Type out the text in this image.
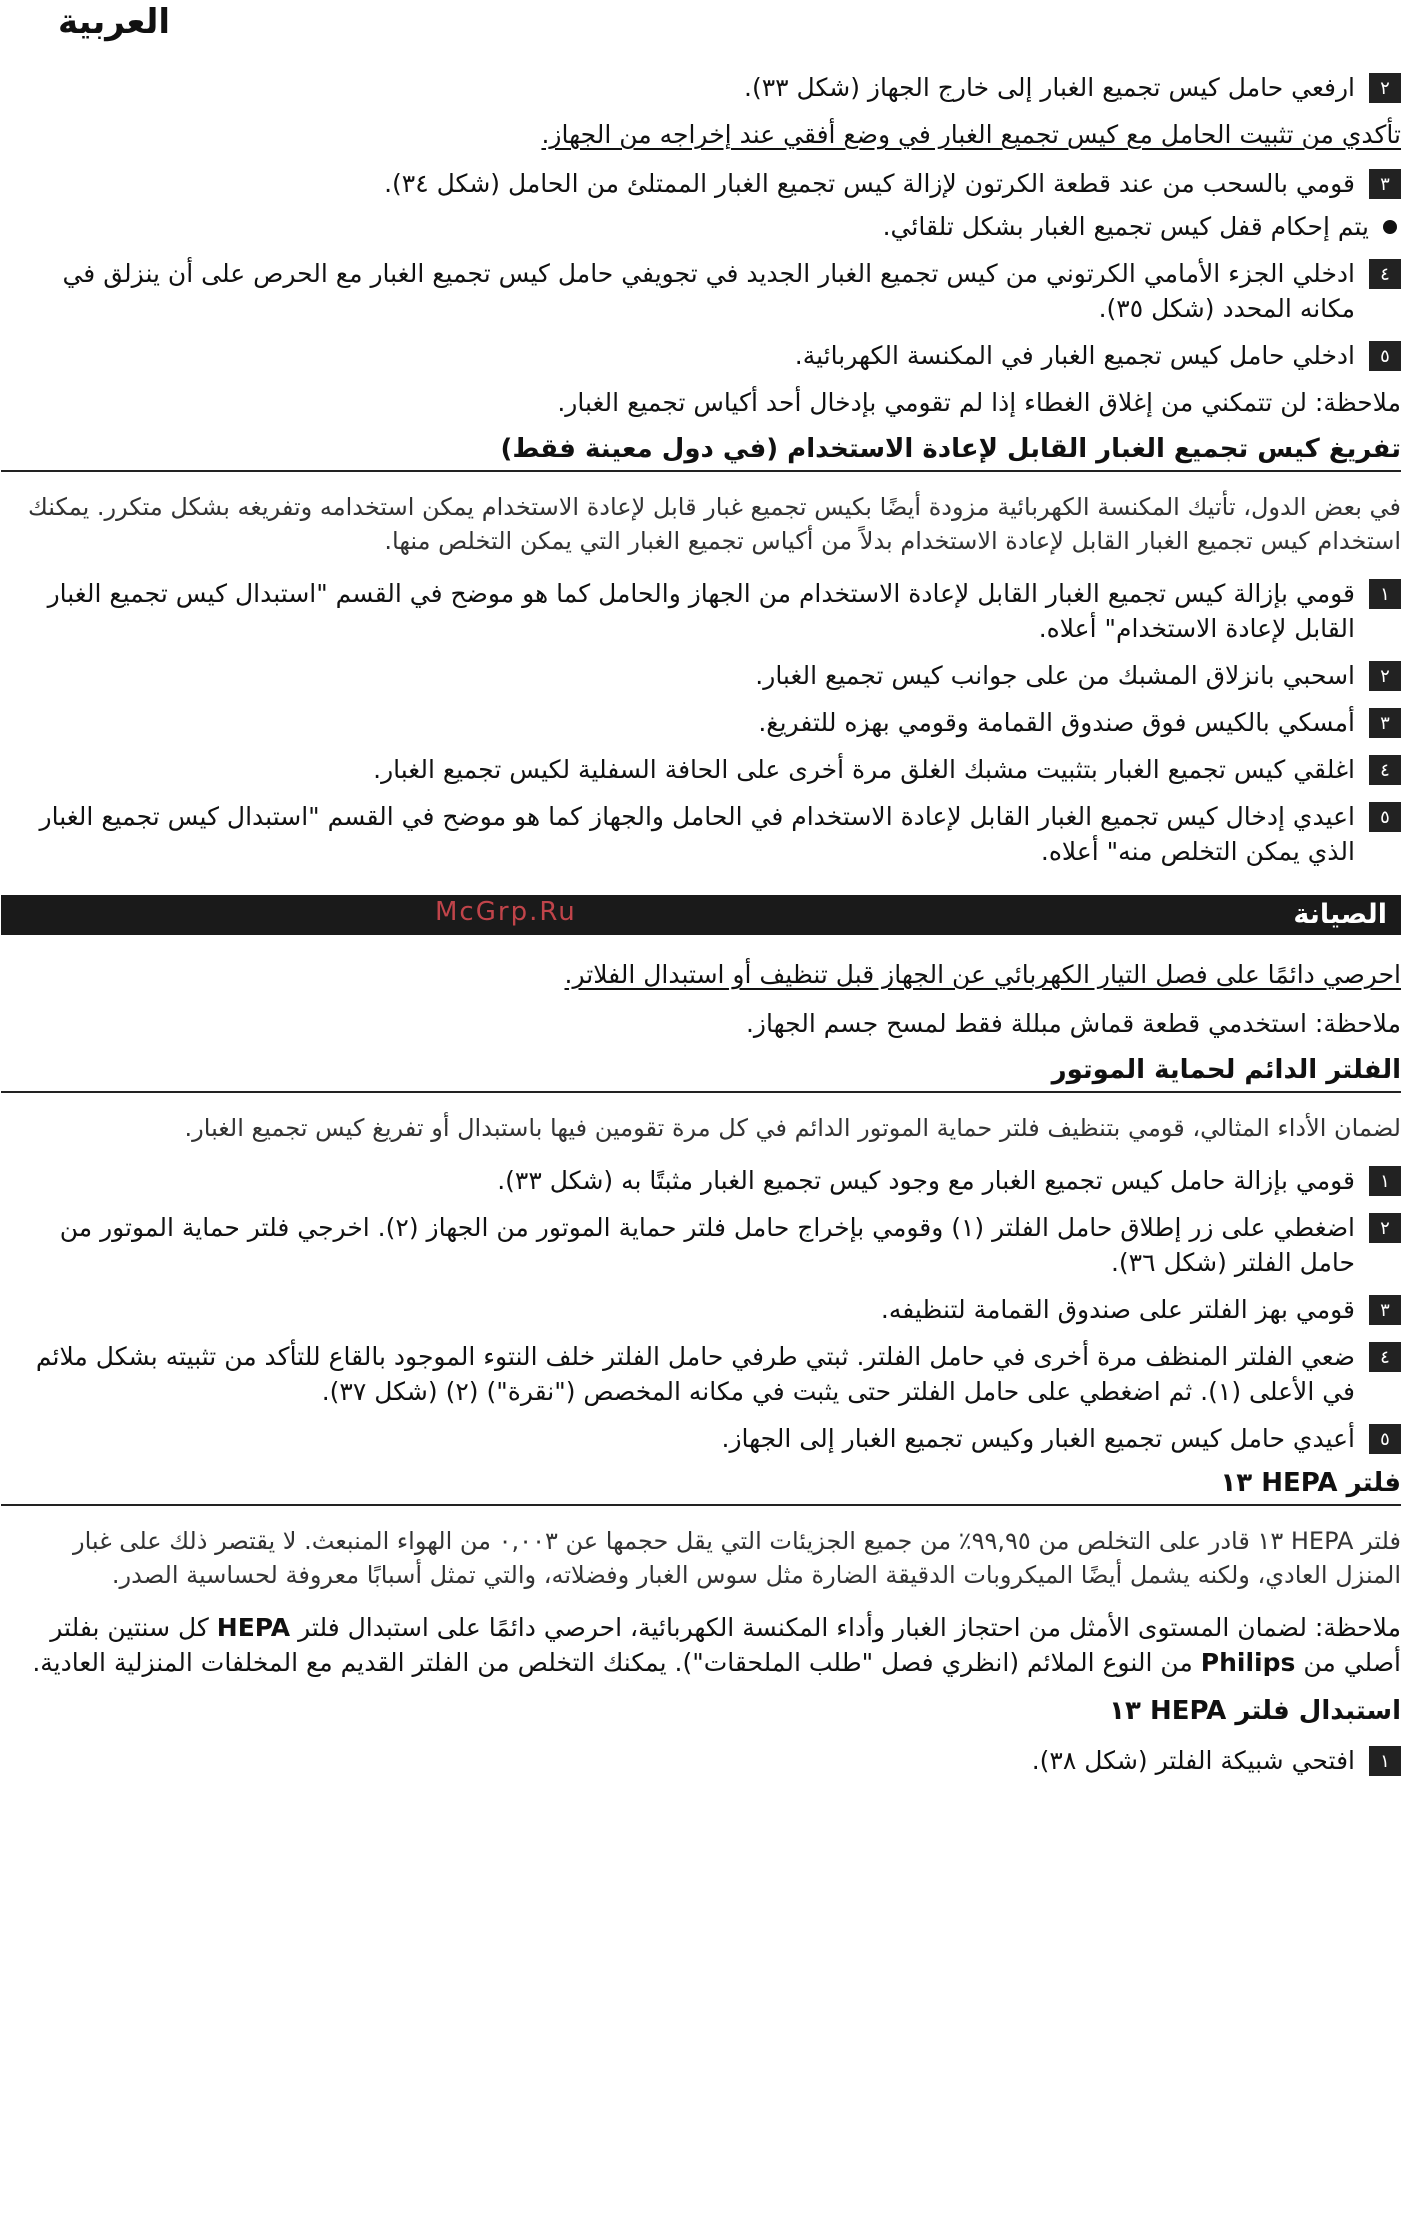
العربية
٢
ارفعي حامل كيس تجميع الغبار إلى خارج الجهاز (شكل ٣٣).
تأكدي من تثبيت الحامل مع كيس تجميع الغبار في وضع أفقي عند إخراجه من الجهاز.
٣
قومي بالسحب من عند قطعة الكرتون لإزالة كيس تجميع الغبار الممتلئ من الحامل (شكل ٣٤).
يتم إحكام قفل كيس تجميع الغبار بشكل تلقائي.
٤
ادخلي الجزء الأمامي الكرتوني من كيس تجميع الغبار الجديد في تجويفي حامل كيس تجميع الغبار مع الحرص على أن ينزلق في مكانه المحدد (شكل ٣٥).
٥
ادخلي حامل كيس تجميع الغبار في المكنسة الكهربائية.
ملاحظة: لن تتمكني من إغلاق الغطاء إذا لم تقومي بإدخال أحد أكياس تجميع الغبار.
تفريغ كيس تجميع الغبار القابل لإعادة الاستخدام (في دول معينة فقط)
في بعض الدول، تأتيك المكنسة الكهربائية مزودة أيضًا بكيس تجميع غبار قابل لإعادة الاستخدام يمكن استخدامه وتفريغه بشكل متكرر. يمكنك استخدام كيس تجميع الغبار القابل لإعادة الاستخدام بدلاً من أكياس تجميع الغبار التي يمكن التخلص منها.
١
قومي بإزالة كيس تجميع الغبار القابل لإعادة الاستخدام من الجهاز والحامل كما هو موضح في القسم "استبدال كيس تجميع الغبار القابل لإعادة الاستخدام" أعلاه.
٢
اسحبي بانزلاق المشبك من على جوانب كيس تجميع الغبار.
٣
أمسكي بالكيس فوق صندوق القمامة وقومي بهزه للتفريغ.
٤
اغلقي كيس تجميع الغبار بتثبيت مشبك الغلق مرة أخرى على الحافة السفلية لكيس تجميع الغبار.
٥
اعيدي إدخال كيس تجميع الغبار القابل لإعادة الاستخدام في الحامل والجهاز كما هو موضح في القسم "استبدال كيس تجميع الغبار الذي يمكن التخلص منه" أعلاه.
الصيانة
McGrp.Ru
احرصي دائمًا على فصل التيار الكهربائي عن الجهاز قبل تنظيف أو استبدال الفلاتر.
ملاحظة: استخدمي قطعة قماش مبللة فقط لمسح جسم الجهاز.
الفلتر الدائم لحماية الموتور
لضمان الأداء المثالي، قومي بتنظيف فلتر حماية الموتور الدائم في كل مرة تقومين فيها باستبدال أو تفريغ كيس تجميع الغبار.
١
قومي بإزالة حامل كيس تجميع الغبار مع وجود كيس تجميع الغبار مثبتًا به (شكل ٣٣).
٢
اضغطي على زر إطلاق حامل الفلتر (١) وقومي بإخراج حامل فلتر حماية الموتور من الجهاز (٢). اخرجي فلتر حماية الموتور من حامل الفلتر (شكل ٣٦).
٣
قومي بهز الفلتر على صندوق القمامة لتنظيفه.
٤
ضعي الفلتر المنظف مرة أخرى في حامل الفلتر. ثبتي طرفي حامل الفلتر خلف النتوء الموجود بالقاع للتأكد من تثبيته بشكل ملائم في الأعلى (١). ثم اضغطي على حامل الفلتر حتى يثبت في مكانه المخصص ("نقرة") (٢) (شكل ٣٧).
٥
أعيدي حامل كيس تجميع الغبار وكيس تجميع الغبار إلى الجهاز.
فلتر HEPA ١٣
فلتر HEPA ١٣ قادر على التخلص من ٩٩,٩٥٪ من جميع الجزيئات التي يقل حجمها عن ٠,٠٠٣ من الهواء المنبعث. لا يقتصر ذلك على غبار المنزل العادي، ولكنه يشمل أيضًا الميكروبات الدقيقة الضارة مثل سوس الغبار وفضلاته، والتي تمثل أسبابًا معروفة لحساسية الصدر.
ملاحظة: لضمان المستوى الأمثل من احتجاز الغبار وأداء المكنسة الكهربائية، احرصي دائمًا على استبدال فلتر HEPA كل سنتين بفلتر أصلي من Philips من النوع الملائم (انظري فصل "طلب الملحقات"). يمكنك التخلص من الفلتر القديم مع المخلفات المنزلية العادية.
استبدال فلتر HEPA ١٣
١
افتحي شبيكة الفلتر (شكل ٣٨).
